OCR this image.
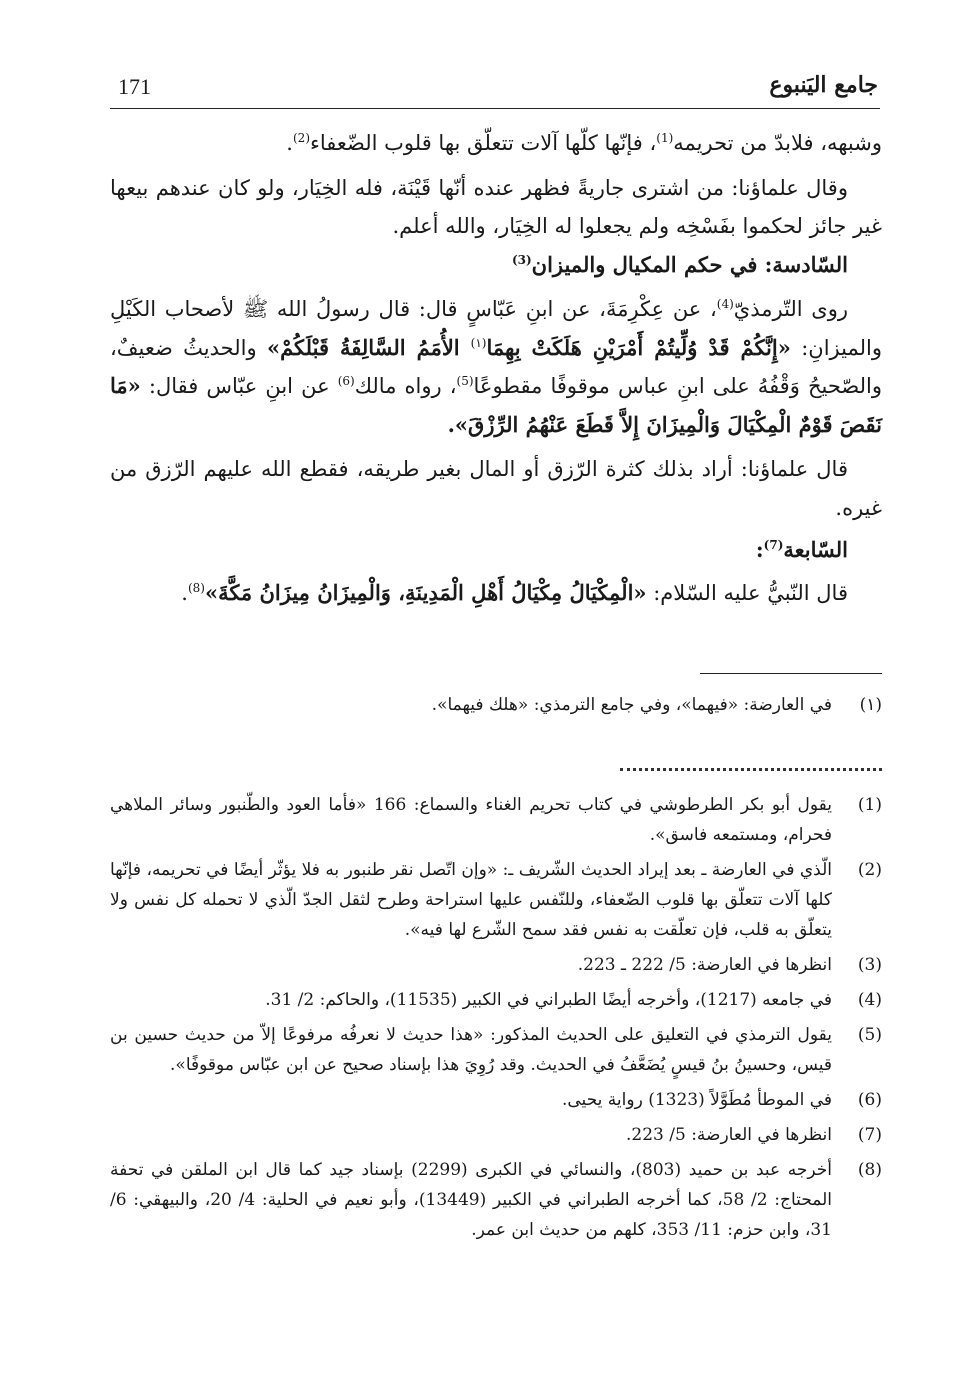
171	جامع اليَنبوع

وشبهه، فلابدّ من تحريمه$^{(1)}$، فإنّها كلّها آلات تتعلّق بها قلوب الضّعفاء$^{(2)}$.

وقال علماؤنا: من اشترى جاريةً فظهر عنده أنّها قَيْنَة، فله الخِيَار، ولو كان عندهم بيعها غير جائز لحكموا بفَسْخِه ولم يجعلوا له الخِيَار، والله أعلم.

السّادسة: في حكم المكيال والميزان$^{(3)}$

روى التّرمذيّ$^{(4)}$، عن عِكْرِمَةَ، عن ابنِ عَبّاسٍ قال: قال رسولُ الله ﷺ لأصحاب الكَيْلِ والميزانِ: «إِنَّكُمْ قَدْ وُلِّيتُمْ أَمْرَيْنِ هَلَكَتْ بِهِمَا$^{(١)}$ الأُمَمُ السَّالِفَةُ قَبْلَكُمْ» والحديثُ ضعيفٌ، والصّحيحُ وَقْفُهُ على ابنِ عباس موقوفًا مقطوعًا$^{(5)}$، رواه مالك$^{(6)}$ عن ابنِ عبّاس فقال: «مَا نَقَصَ قَوْمٌ الْمِكْيَالَ وَالْمِيزَانَ إِلاَّ قَطَعَ عَنْهُمُ الرِّزْقَ».

قال علماؤنا: أراد بذلك كثرة الرّزق أو المال بغير طريقه، فقطع الله عليهم الرّزق من غيره.

السّابعة$^{(7)}$:

قال النّبيُّ عليه السّلام: «الْمِكْيَالُ مِكْيَالُ أَهْلِ الْمَدِينَةِ، وَالْمِيزَانُ مِيزَانُ مَكَّةَ»$^{(8)}$.

(١)
في العارضة: «فيهما»، وفي جامع الترمذي: «هلك فيهما».
(1)
يقول أبو بكر الطرطوشي في كتاب تحريم الغناء والسماع: 166 «فأما العود والطّنبور وسائر الملاهي فحرام، ومستمعه فاسق».
(2)
الّذي في العارضة ـ بعد إيراد الحديث الشّريف ـ: «وإن اتّصل نقر طنبور به فلا يؤثّر أيضًا في تحريمه، فإنّها كلها آلات تتعلّق بها قلوب الضّعفاء، وللنّفس عليها استراحة وطرح لثقل الجدّ الّذي لا تحمله كل نفس ولا يتعلّق به قلب، فإن تعلّقت به نفس فقد سمح الشّرع لها فيه».
(3)
انظرها في العارضة: 5/ 222 ـ 223.
(4)
في جامعه (1217)، وأخرجه أيضًا الطبراني في الكبير (11535)، والحاكم: 2/ 31.
(5)
يقول الترمذي في التعليق على الحديث المذكور: «هذا حديث لا نعرفُه مرفوعًا إلاّ من حديث حسين بن قيس، وحسينُ بنُ قيسٍ يُضَعَّفُ في الحديث. وقد رُوِيَ هذا بإسناد صحيح عن ابن عبّاس موقوفًا».
(6)
في الموطأ مُطَوَّلاً (1323) رواية يحيى.
(7)
انظرها في العارضة: 5/ 223.
(8)
أخرجه عبد بن حميد (803)، والنسائي في الكبرى (2299) بإسناد جيد كما قال ابن الملقن في تحفة المحتاج: 2/ 58، كما أخرجه الطبراني في الكبير (13449)، وأبو نعيم في الحلية: 4/ 20، والبيهقي: 6/ 31، وابن حزم: 11/ 353، كلهم من حديث ابن عمر.
